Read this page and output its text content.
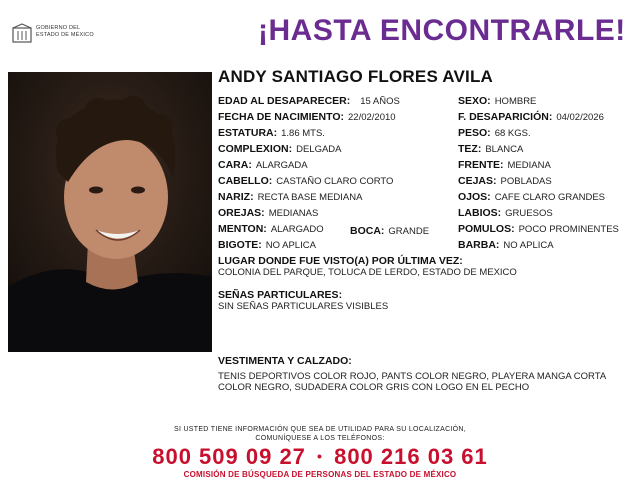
GOBIERNO DEL
ESTADO DE MÉXICO	¡HASTA ENCONTRARLE!
ANDY SANTIAGO FLORES AVILA
EDAD AL DESAPARECER: 15 AÑOS
FECHA DE NACIMIENTO: 22/02/2010
ESTATURA: 1.86 MTS.
COMPLEXION: DELGADA
CARA: ALARGADA
CABELLO: CASTAÑO CLARO CORTO
NARIZ: RECTA BASE MEDIANA
OREJAS: MEDIANAS
MENTON: ALARGADO	BOCA: GRANDE
BIGOTE: NO APLICA
SEXO: HOMBRE
F. DESAPARICIÓN: 04/02/2026
PESO: 68 KGS.
TEZ: BLANCA
FRENTE: MEDIANA
CEJAS: POBLADAS
OJOS: CAFE CLARO GRANDES
LABIOS: GRUESOS
POMULOS: POCO PROMINENTES
BARBA: NO APLICA
LUGAR DONDE FUE VISTO(A) POR ÚLTIMA VEZ:
COLONIA DEL PARQUE, TOLUCA DE LERDO, ESTADO DE MEXICO
SEÑAS PARTICULARES:
SIN SEÑAS PARTICULARES VISIBLES
VESTIMENTA Y CALZADO:
TENIS DEPORTIVOS COLOR ROJO, PANTS COLOR NEGRO, PLAYERA MANGA CORTA
COLOR NEGRO, SUDADERA COLOR GRIS CON LOGO EN EL PECHO
SI USTED TIENE INFORMACIÓN QUE SEA DE UTILIDAD PARA SU LOCALIZACIÓN,
COMUNÍQUESE A LOS TELÉFONOS:
800 509 09 27 • 800 216 03 61
COMISIÓN DE BÚSQUEDA DE PERSONAS DEL ESTADO DE MÉXICO
